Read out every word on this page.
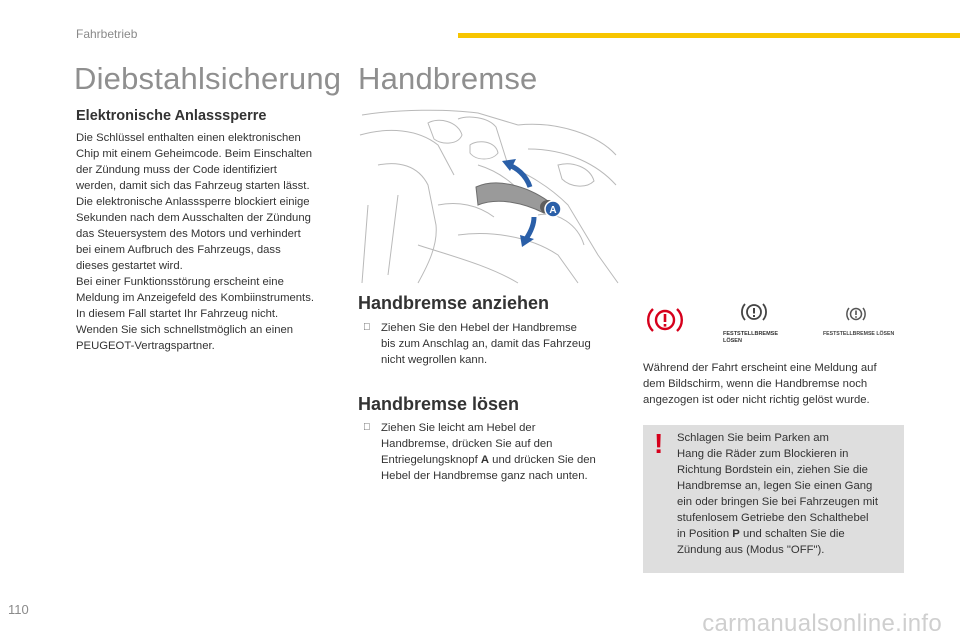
Fahrbetrieb
Diebstahlsicherung
Elektronische Anlasssperre
Die Schlüssel enthalten einen elektronischen
Chip mit einem Geheimcode. Beim Einschalten
der Zündung muss der Code identifiziert
werden, damit sich das Fahrzeug starten lässt.
Die elektronische Anlasssperre blockiert einige
Sekunden nach dem Ausschalten der Zündung
das Steuersystem des Motors und verhindert
bei einem Aufbruch des Fahrzeugs, dass
dieses gestartet wird.
Bei einer Funktionsstörung erscheint eine
Meldung im Anzeigefeld des Kombiinstruments.
In diesem Fall startet Ihr Fahrzeug nicht.
Wenden Sie sich schnellstmöglich an einen
PEUGEOT-Vertragspartner.
Handbremse
A
Handbremse anziehen
Ziehen Sie den Hebel der Handbremse
bis zum Anschlag an, damit das Fahrzeug
nicht wegrollen kann.
Handbremse lösen
Ziehen Sie leicht am Hebel der
Handbremse, drücken Sie auf den
Entriegelungsknopf A und drücken Sie den
Hebel der Handbremse ganz nach unten.
FESTSTELLBREMSE
LÖSEN
FESTSTELLBREMSE LÖSEN
Während der Fahrt erscheint eine Meldung auf
dem Bildschirm, wenn die Handbremse noch
angezogen ist oder nicht richtig gelöst wurde.
! Schlagen Sie beim Parken am
Hang die Räder zum Blockieren in
Richtung Bordstein ein, ziehen Sie die
Handbremse an, legen Sie einen Gang
ein oder bringen Sie bei Fahrzeugen mit
stufenlosem Getriebe den Schalthebel
in Position P und schalten Sie die
Zündung aus (Modus "OFF").
110
carmanualsonline.info
